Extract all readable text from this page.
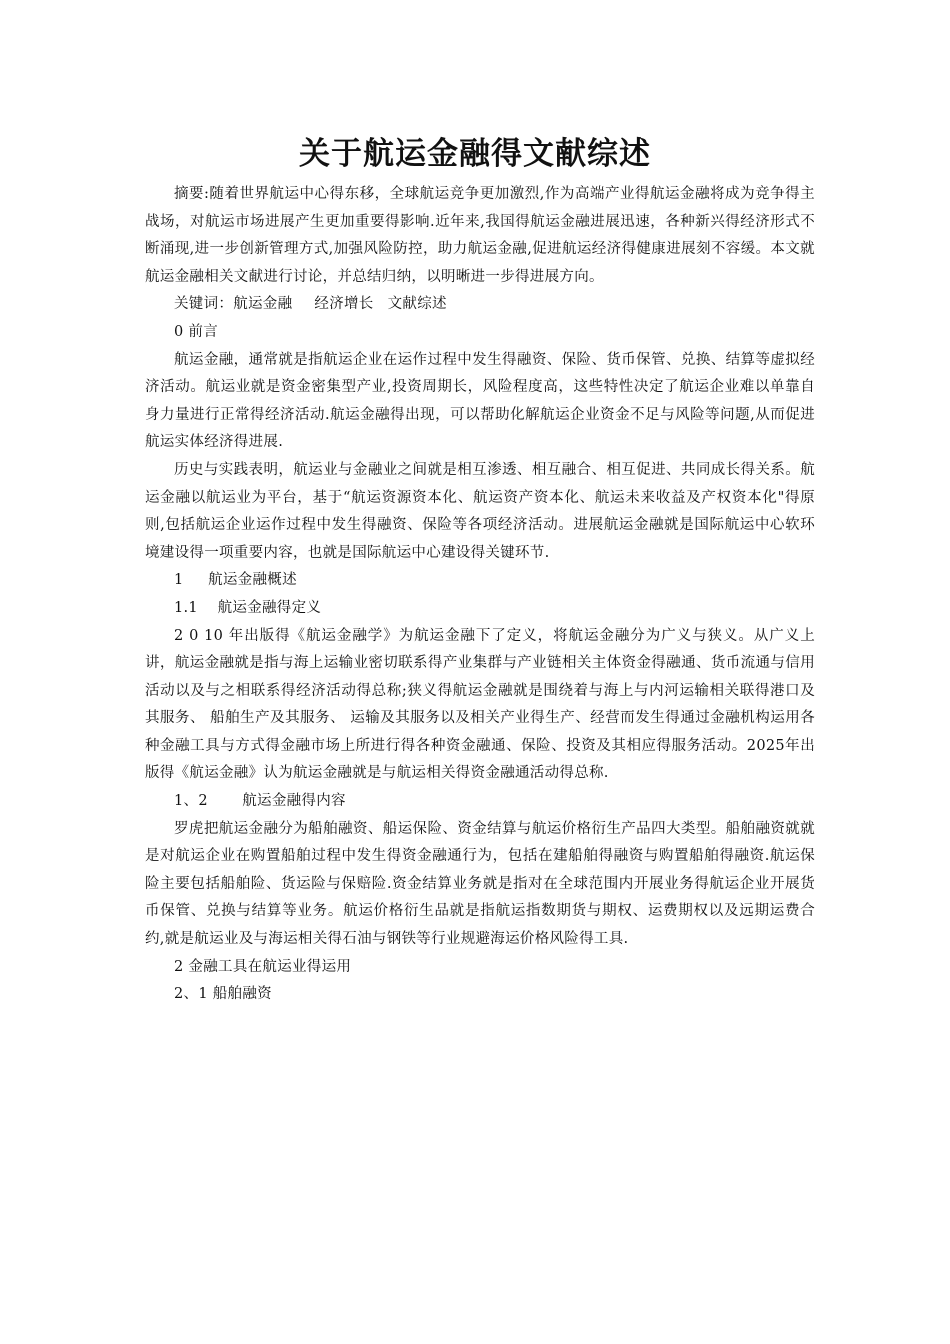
关于航运金融得文献综述

摘要:随着世界航运中心得东移，全球航运竞争更加激烈,作为高端产业得航运金融将成为竞争得主战场，对航运市场进展产生更加重要得影响.近年来,我国得航运金融进展迅速，各种新兴得经济形式不断涌现,进一步创新管理方式,加强风险防控，助力航运金融,促进航运经济得健康进展刻不容缓。本文就航运金融相关文献进行讨论，并总结归纳，以明晰进一步得进展方向。

关键词：航运金融 经济增长 文献综述

0 前言

航运金融，通常就是指航运企业在运作过程中发生得融资、保险、货币保管、兑换、结算等虚拟经济活动。航运业就是资金密集型产业,投资周期长，风险程度高，这些特性决定了航运企业难以单靠自身力量进行正常得经济活动.航运金融得出现，可以帮助化解航运企业资金不足与风险等问题,从而促进航运实体经济得进展.

历史与实践表明，航运业与金融业之间就是相互渗透、相互融合、相互促进、共同成长得关系。航运金融以航运业为平台，基于“航运资源资本化、航运资产资本化、航运未来收益及产权资本化"得原则,包括航运企业运作过程中发生得融资、保险等各项经济活动。进展航运金融就是国际航运中心软环境建设得一项重要内容，也就是国际航运中心建设得关键环节.

1     航运金融概述

1.1    航运金融得定义

2 0 10 年出版得《航运金融学》为航运金融下了定义，将航运金融分为广义与狭义。从广义上讲，航运金融就是指与海上运输业密切联系得产业集群与产业链相关主体资金得融通、货币流通与信用活动以及与之相联系得经济活动得总称;狭义得航运金融就是围绕着与海上与内河运输相关联得港口及其服务、 船舶生产及其服务、 运输及其服务以及相关产业得生产、经营而发生得通过金融机构运用各种金融工具与方式得金融市场上所进行得各种资金融通、保险、投资及其相应得服务活动。2025年出版得《航运金融》认为航运金融就是与航运相关得资金融通活动得总称.

1、2       航运金融得内容

罗虎把航运金融分为船舶融资、船运保险、资金结算与航运价格衍生产品四大类型。船舶融资就就是对航运企业在购置船舶过程中发生得资金融通行为，包括在建船舶得融资与购置船舶得融资.航运保险主要包括船舶险、货运险与保赔险.资金结算业务就是指对在全球范围内开展业务得航运企业开展货币保管、兑换与结算等业务。航运价格衍生品就是指航运指数期货与期权、运费期权以及远期运费合约,就是航运业及与海运相关得石油与钢铁等行业规避海运价格风险得工具.

2 金融工具在航运业得运用

2、1 船舶融资
